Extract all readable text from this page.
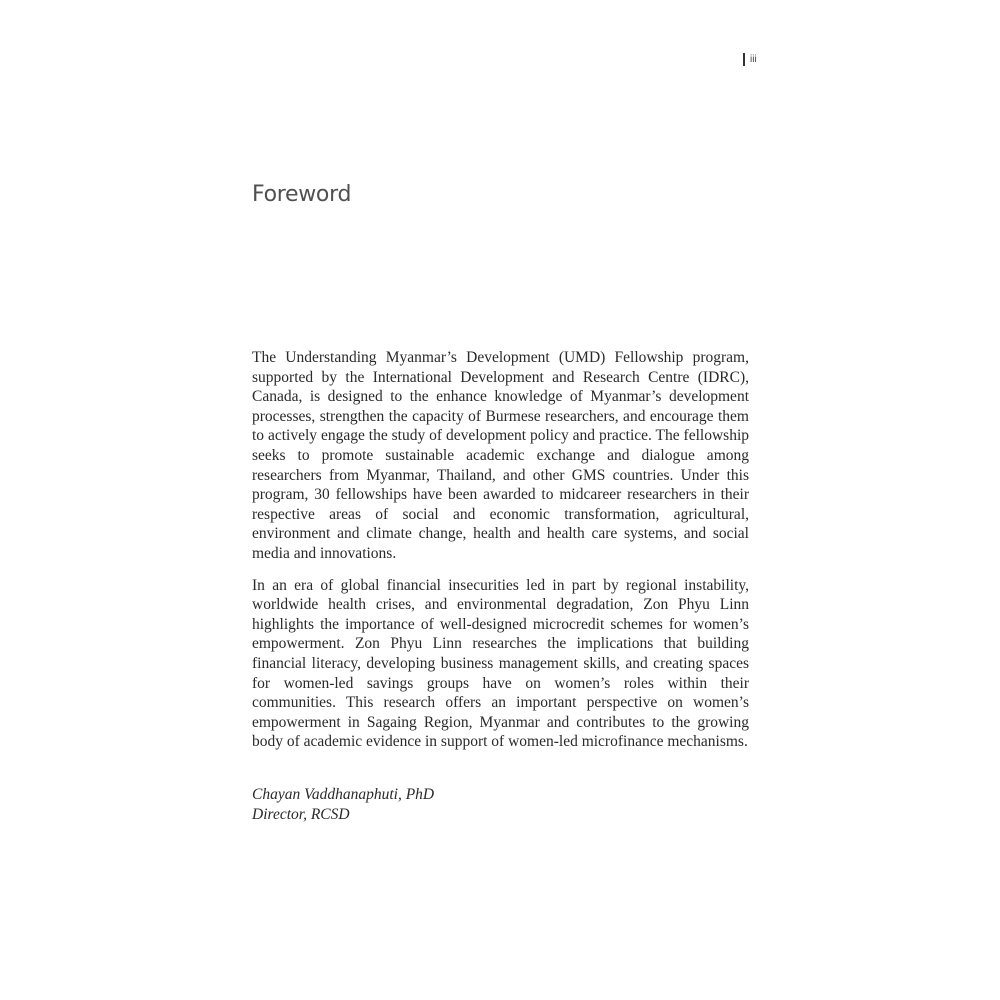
iii
Foreword

The Understanding Myanmar’s Development (UMD) Fellowship program, supported by the International Development and Research Centre (IDRC), Canada, is designed to the enhance knowledge of Myanmar’s development processes, strengthen the capacity of Burmese researchers, and encourage them to actively engage the study of development policy and practice. The fellowship seeks to promote sustainable academic exchange and dialogue among researchers from Myanmar, Thailand, and other GMS countries. Under this program, 30 fellowships have been awarded to midcareer researchers in their respective areas of social and economic transformation, agricultural, environment and climate change, health and health care systems, and social media and innovations.

In an era of global financial insecurities led in part by regional instability, worldwide health crises, and environmental degradation, Zon Phyu Linn highlights the importance of well-designed microcredit schemes for women’s empowerment. Zon Phyu Linn researches the implications that building financial literacy, developing business management skills, and creating spaces for women-led savings groups have on women’s roles within their communities. This research offers an important perspective on women’s empowerment in Sagaing Region, Myanmar and contributes to the growing body of academic evidence in support of women-led microfinance mechanisms.

Chayan Vaddhanaphuti, PhD
Director, RCSD
